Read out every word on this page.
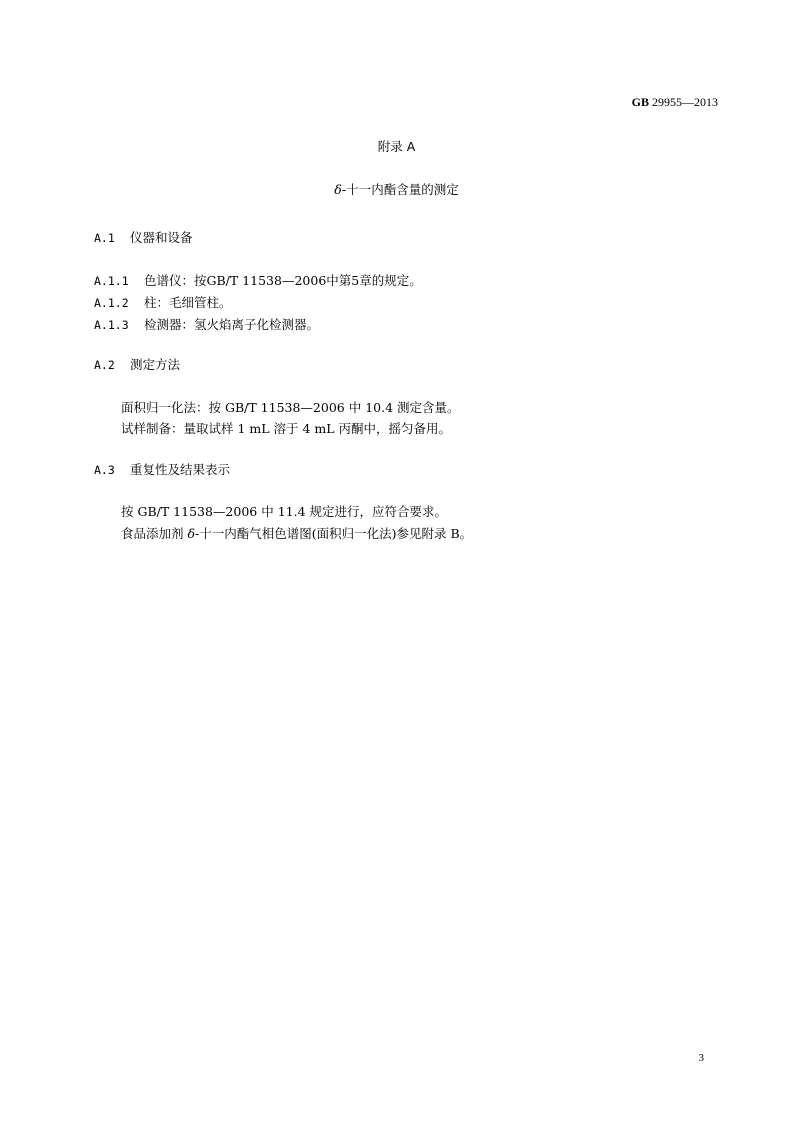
GB 29955—2013
附录 A
δ-十一内酯含量的测定
A.1 仪器和设备
A.1.1 色谱仪：按GB/T 11538—2006中第5章的规定。
A.1.2 柱：毛细管柱。
A.1.3 检测器：氢火焰离子化检测器。
A.2 测定方法
面积归一化法：按 GB/T 11538—2006 中 10.4 测定含量。
试样制备：量取试样 1 mL 溶于 4 mL 丙酮中，摇匀备用。
A.3 重复性及结果表示
按 GB/T 11538—2006 中 11.4 规定进行，应符合要求。
食品添加剂 δ-十一内酯气相色谱图(面积归一化法)参见附录 B。
3
